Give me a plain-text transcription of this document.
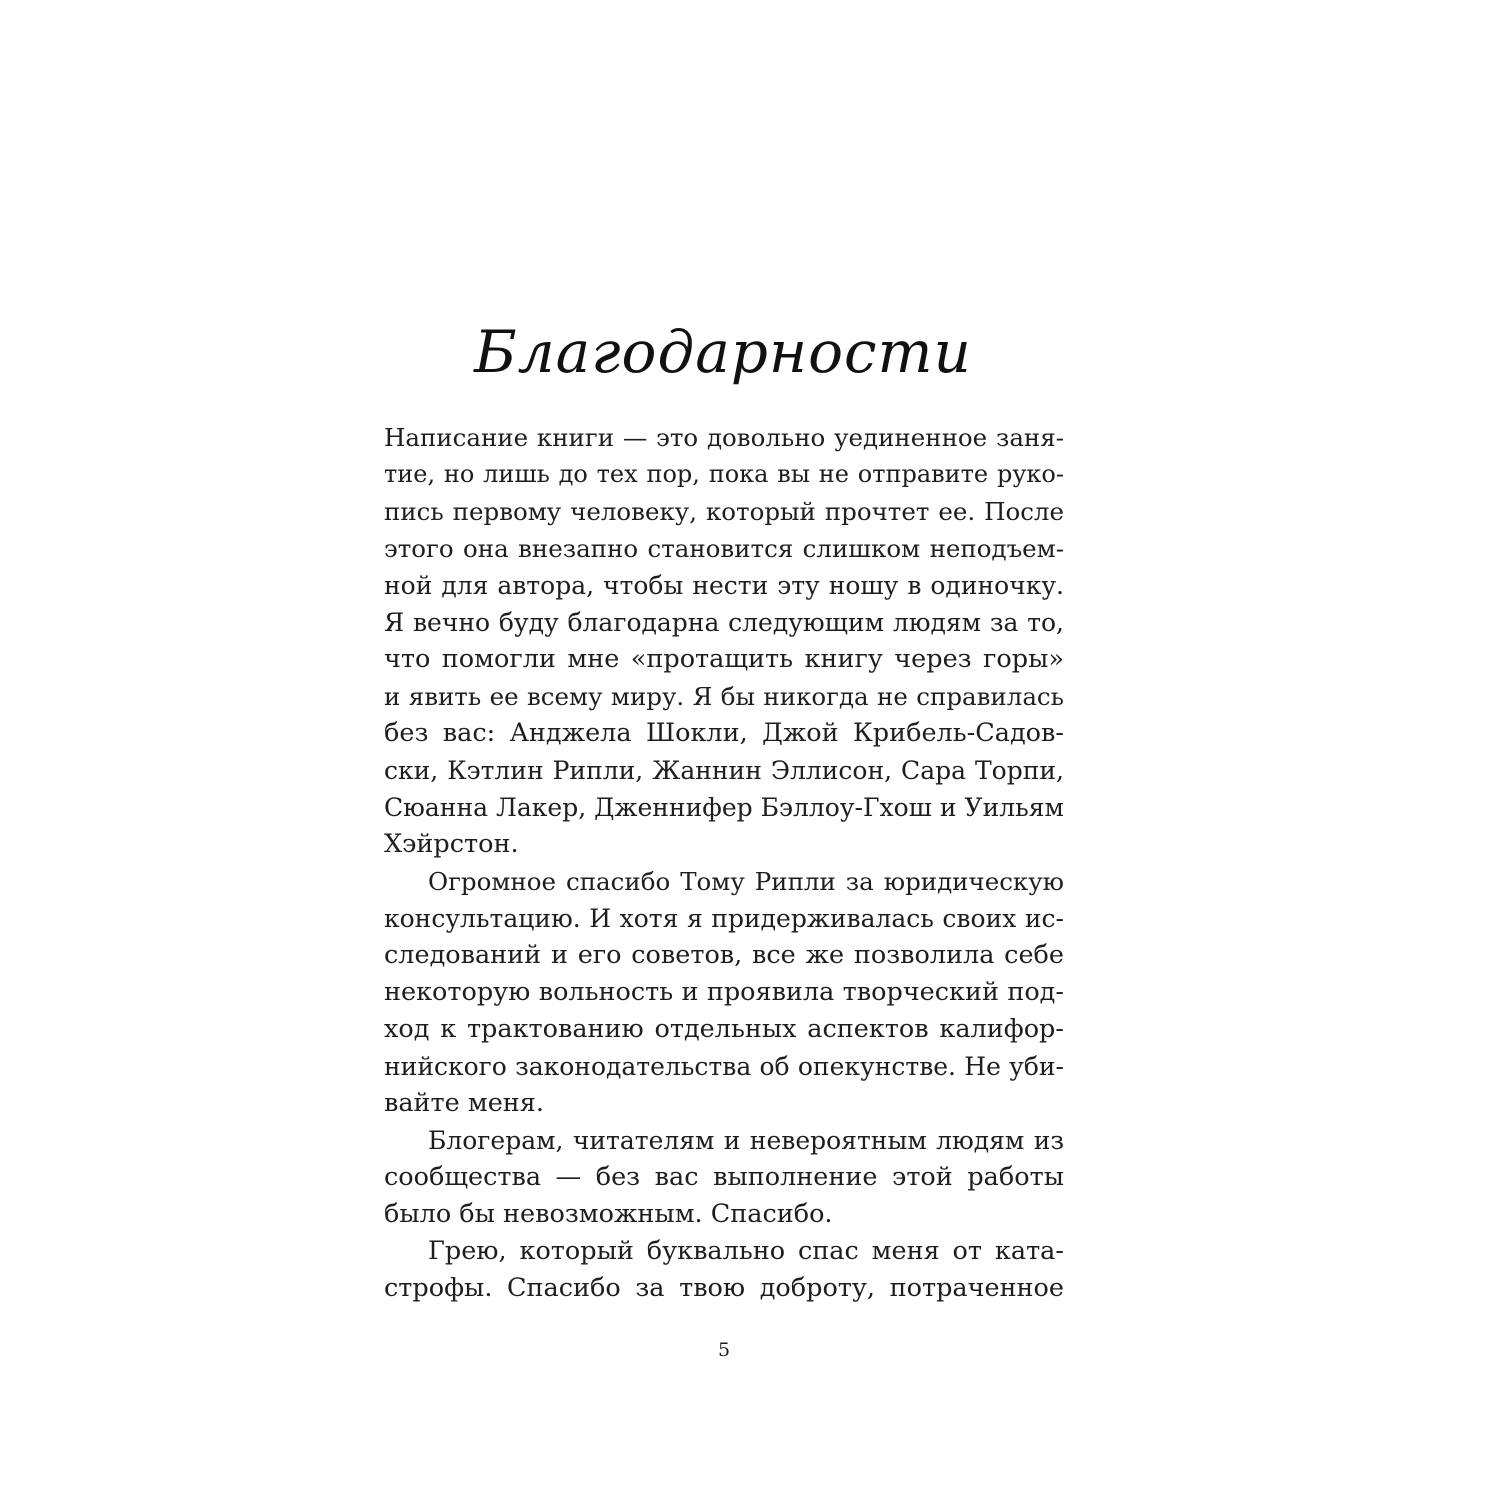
Благодарности
Написание книги — это довольно уединенное заня-
тие, но лишь до тех пор, пока вы не отправите руко-
пись первому человеку, который прочтет ее. После
этого она внезапно становится слишком неподъем-
ной для автора, чтобы нести эту ношу в одиночку.
Я вечно буду благодарна следующим людям за то,
что помогли мне «протащить книгу через горы»
и явить ее всему миру. Я бы никогда не справилась
без вас: Анджела Шокли, Джой Крибель-Садов-
ски, Кэтлин Рипли, Жаннин Эллисон, Сара Торпи,
Сюанна Лакер, Дженнифер Бэллоу-Гхош и Уильям
Хэйрстон.
Огромное спасибо Тому Рипли за юридическую
консультацию. И хотя я придерживалась своих ис-
следований и его советов, все же позволила себе
некоторую вольность и проявила творческий под-
ход к трактованию отдельных аспектов калифор-
нийского законодательства об опекунстве. Не уби-
вайте меня.
Блогерам, читателям и невероятным людям из
сообщества — без вас выполнение этой работы
было бы невозможным. Спасибо.
Грею, который буквально спас меня от ката-
строфы. Спасибо за твою доброту, потраченное
5
